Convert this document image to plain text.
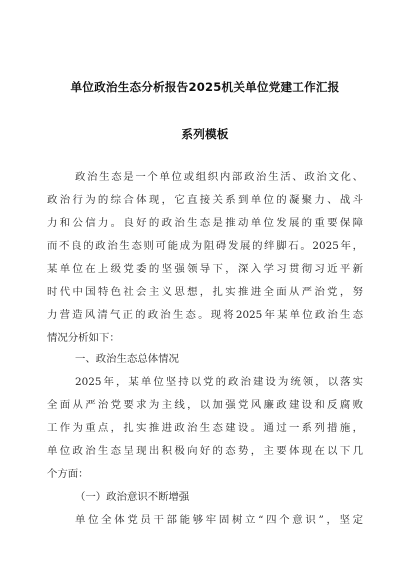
单位政治生态分析报告2025机关单位党建工作汇报
系列模板
政治生态是一个单位或组织内部政治生活、政治文化、
政治行为的综合体现，它直接关系到单位的凝聚力、战斗
力和公信力。良好的政治生态是推动单位发展的重要保障
而不良的政治生态则可能成为阻碍发展的绊脚石。2025年，
某单位在上级党委的坚强领导下，深入学习贯彻习近平新
时代中国特色社会主义思想，扎实推进全面从严治党，努
力营造风清气正的政治生态。现将2025年某单位政治生态
情况分析如下：
一、政治生态总体情况
2025年，某单位坚持以党的政治建设为统领，以落实
全面从严治党要求为主线，以加强党风廉政建设和反腐败
工作为重点，扎实推进政治生态建设。通过一系列措施，
单位政治生态呈现出积极向好的态势，主要体现在以下几
个方面：
（一）政治意识不断增强
单位全体党员干部能够牢固树立“四个意识”，坚定
